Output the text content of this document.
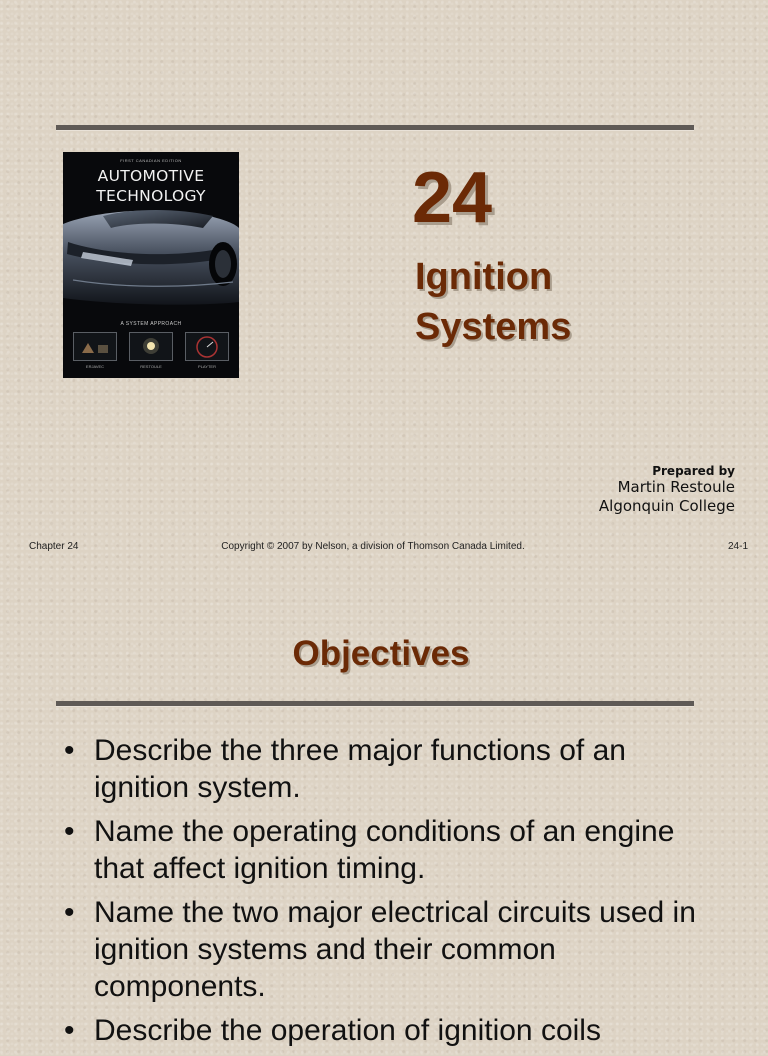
FIRST CANADIAN EDITION
AUTOMOTIVE
TECHNOLOGY
A SYSTEM APPROACH
ERJAVEC	RESTOULE	PLAYTER
24
Ignition
Systems
Prepared by
Martin Restoule
Algonquin College
Chapter 24	Copyright © 2007 by Nelson, a division of Thomson Canada Limited.	24-1
Objectives
• Describe the three major functions of an ignition system.
• Name the operating conditions of an engine that affect ignition timing.
• Name the two major electrical circuits used in ignition systems and their common components.
• Describe the operation of ignition coils
